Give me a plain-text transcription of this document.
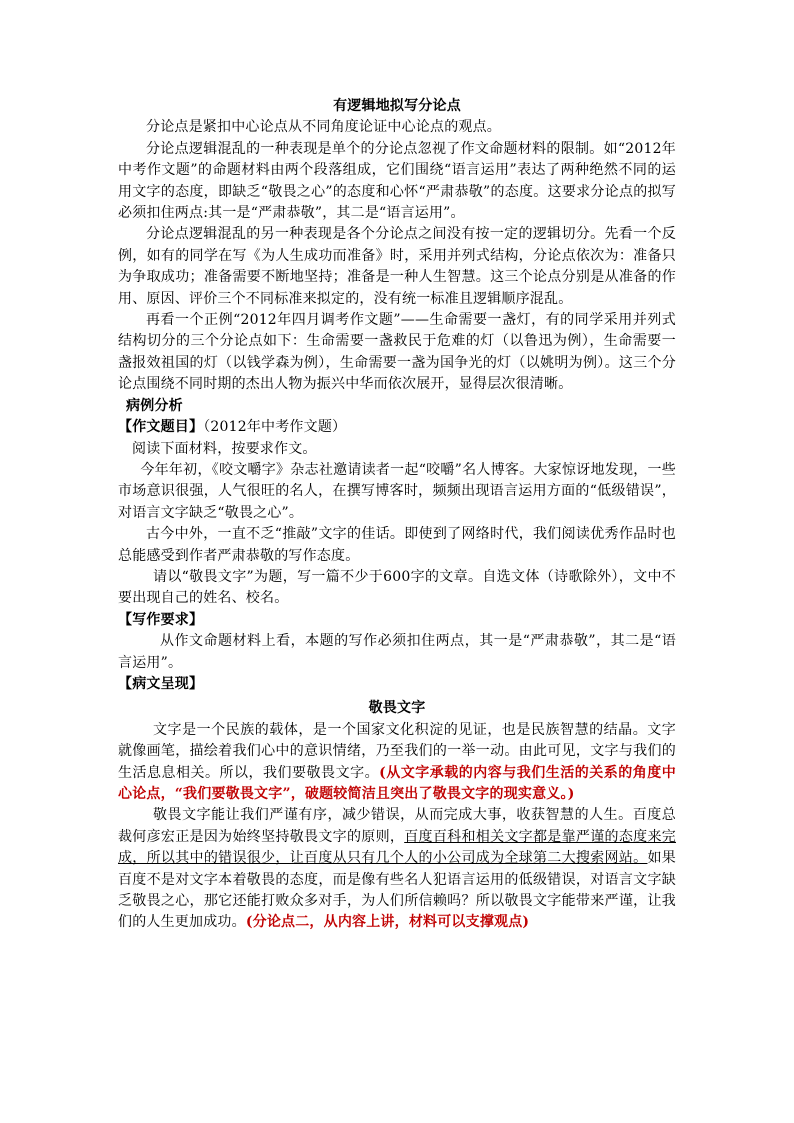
有逻辑地拟写分论点

分论点是紧扣中心论点从不同角度论证中心论点的观点。

分论点逻辑混乱的一种表现是单个的分论点忽视了作文命题材料的限制。如“2012年中考作文题”的命题材料由两个段落组成，它们围绕“语言运用”表达了两种绝然不同的运用文字的态度，即缺乏“敬畏之心”的态度和心怀“严肃恭敬”的态度。这要求分论点的拟写必须扣住两点:其一是“严肃恭敬”，其二是“语言运用”。

分论点逻辑混乱的另一种表现是各个分论点之间没有按一定的逻辑切分。先看一个反例，如有的同学在写《为人生成功而准备》时，采用并列式结构，分论点依次为：准备只为争取成功；准备需要不断地坚持；准备是一种人生智慧。这三个论点分别是从准备的作用、原因、评价三个不同标准来拟定的，没有统一标准且逻辑顺序混乱。

再看一个正例“2012年四月调考作文题”——生命需要一盏灯，有的同学采用并列式结构切分的三个分论点如下：生命需要一盏救民于危难的灯（以鲁迅为例），生命需要一盏报效祖国的灯（以钱学森为例），生命需要一盏为国争光的灯（以姚明为例）。这三个分论点围绕不同时期的杰出人物为振兴中华而依次展开，显得层次很清晰。

病例分析

【作文题目】（2012年中考作文题）

阅读下面材料，按要求作文。

今年年初，《咬文嚼字》杂志社邀请读者一起“咬嚼”名人博客。大家惊讶地发现，一些市场意识很强，人气很旺的名人，在撰写博客时，频频出现语言运用方面的“低级错误”，对语言文字缺乏“敬畏之心”。

古今中外，一直不乏“推敲”文字的佳话。即使到了网络时代，我们阅读优秀作品时也总能感受到作者严肃恭敬的写作态度。

请以“敬畏文字”为题，写一篇不少于600字的文章。自选文体（诗歌除外），文中不要出现自己的姓名、校名。

【写作要求】

从作文命题材料上看，本题的写作必须扣住两点，其一是“严肃恭敬”，其二是“语言运用”。

【病文呈现】

敬畏文字

文字是一个民族的载体，是一个国家文化积淀的见证，也是民族智慧的结晶。文字就像画笔，描绘着我们心中的意识情绪，乃至我们的一举一动。由此可见，文字与我们的生活息息相关。所以，我们要敬畏文字。(从文字承载的内容与我们生活的关系的角度中心论点，“我们要敬畏文字”，破题较简洁且突出了敬畏文字的现实意义。)

敬畏文字能让我们严谨有序，减少错误，从而完成大事，收获智慧的人生。百度总裁何彦宏正是因为始终坚持敬畏文字的原则，百度百科和相关文字都是靠严谨的态度来完成，所以其中的错误很少，让百度从只有几个人的小公司成为全球第二大搜索网站。如果百度不是对文字本着敬畏的态度，而是像有些名人犯语言运用的低级错误，对语言文字缺乏敬畏之心，那它还能打败众多对手，为人们所信赖吗？所以敬畏文字能带来严谨，让我们的人生更加成功。(分论点二，从内容上讲，材料可以支撑观点)
